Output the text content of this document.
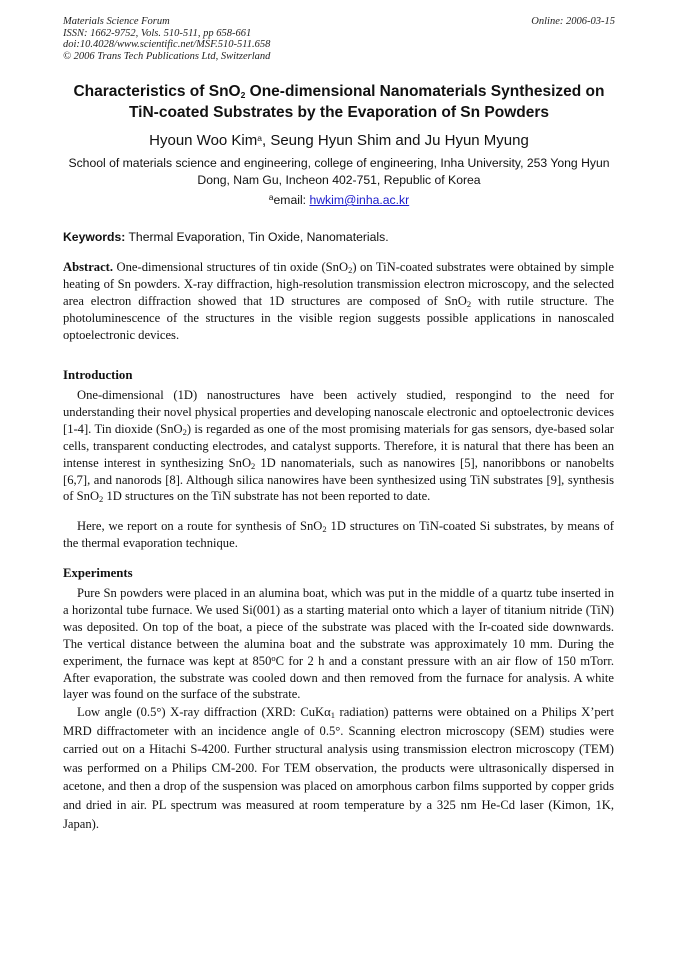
Materials Science Forum
ISSN: 1662-9752, Vols. 510-511, pp 658-661
doi:10.4028/www.scientific.net/MSF.510-511.658
© 2006 Trans Tech Publications Ltd, Switzerland
Online: 2006-03-15
Characteristics of SnO$_2$ One-dimensional Nanomaterials Synthesized on
TiN-coated Substrates by the Evaporation of Sn Powders
Hyoun Woo Kim$^a$, Seung Hyun Shim and Ju Hyun Myung
School of materials science and engineering, college of engineering, Inha University, 253 Yong Hyun Dong, Nam Gu, Incheon 402-751, Republic of Korea
$^a$email: hwkim@inha.ac.kr
Keywords: Thermal Evaporation, Tin Oxide, Nanomaterials.
Abstract. One-dimensional structures of tin oxide (SnO$_2$) on TiN-coated substrates were obtained by simple heating of Sn powders. X-ray diffraction, high-resolution transmission electron microscopy, and the selected area electron diffraction showed that 1D structures are composed of SnO$_2$ with rutile structure. The photoluminescence of the structures in the visible region suggests possible applications in nanoscaled optoelectronic devices.
Introduction
One-dimensional (1D) nanostructures have been actively studied, respongind to the need for understanding their novel physical properties and developing nanoscale electronic and optoelectronic devices [1-4]. Tin dioxide (SnO$_2$) is regarded as one of the most promising materials for gas sensors, dye-based solar cells, transparent conducting electrodes, and catalyst supports. Therefore, it is natural that there has been an intense interest in synthesizing SnO$_2$ 1D nanomaterials, such as nanowires [5], nanoribbons or nanobelts [6,7], and nanorods [8]. Although silica nanowires have been synthesized using TiN substrates [9], synthesis of SnO$_2$ 1D structures on the TiN substrate has not been reported to date.
Here, we report on a route for synthesis of SnO$_2$ 1D structures on TiN-coated Si substrates, by means of the thermal evaporation technique.
Experiments
Pure Sn powders were placed in an alumina boat, which was put in the middle of a quartz tube inserted in a horizontal tube furnace. We used Si(001) as a starting material onto which a layer of titanium nitride (TiN) was deposited. On top of the boat, a piece of the substrate was placed with the Ir-coated side downwards. The vertical distance between the alumina boat and the substrate was approximately 10 mm. During the experiment, the furnace was kept at 850$^o$C for 2 h and a constant pressure with an air flow of 150 mTorr. After evaporation, the substrate was cooled down and then removed from the furnace for analysis. A white layer was found on the surface of the substrate.
Low angle (0.5°) X-ray diffraction (XRD: CuKα$_1$ radiation) patterns were obtained on a Philips X’pert MRD diffractometer with an incidence angle of 0.5°. Scanning electron microscopy (SEM) studies were carried out on a Hitachi S-4200. Further structural analysis using transmission electron microscopy (TEM) was performed on a Philips CM-200. For TEM observation, the products were ultrasonically dispersed in acetone, and then a drop of the suspension was placed on amorphous carbon films supported by copper grids and dried in air. PL spectrum was measured at room temperature by a 325 nm He-Cd laser (Kimon, 1K, Japan).
